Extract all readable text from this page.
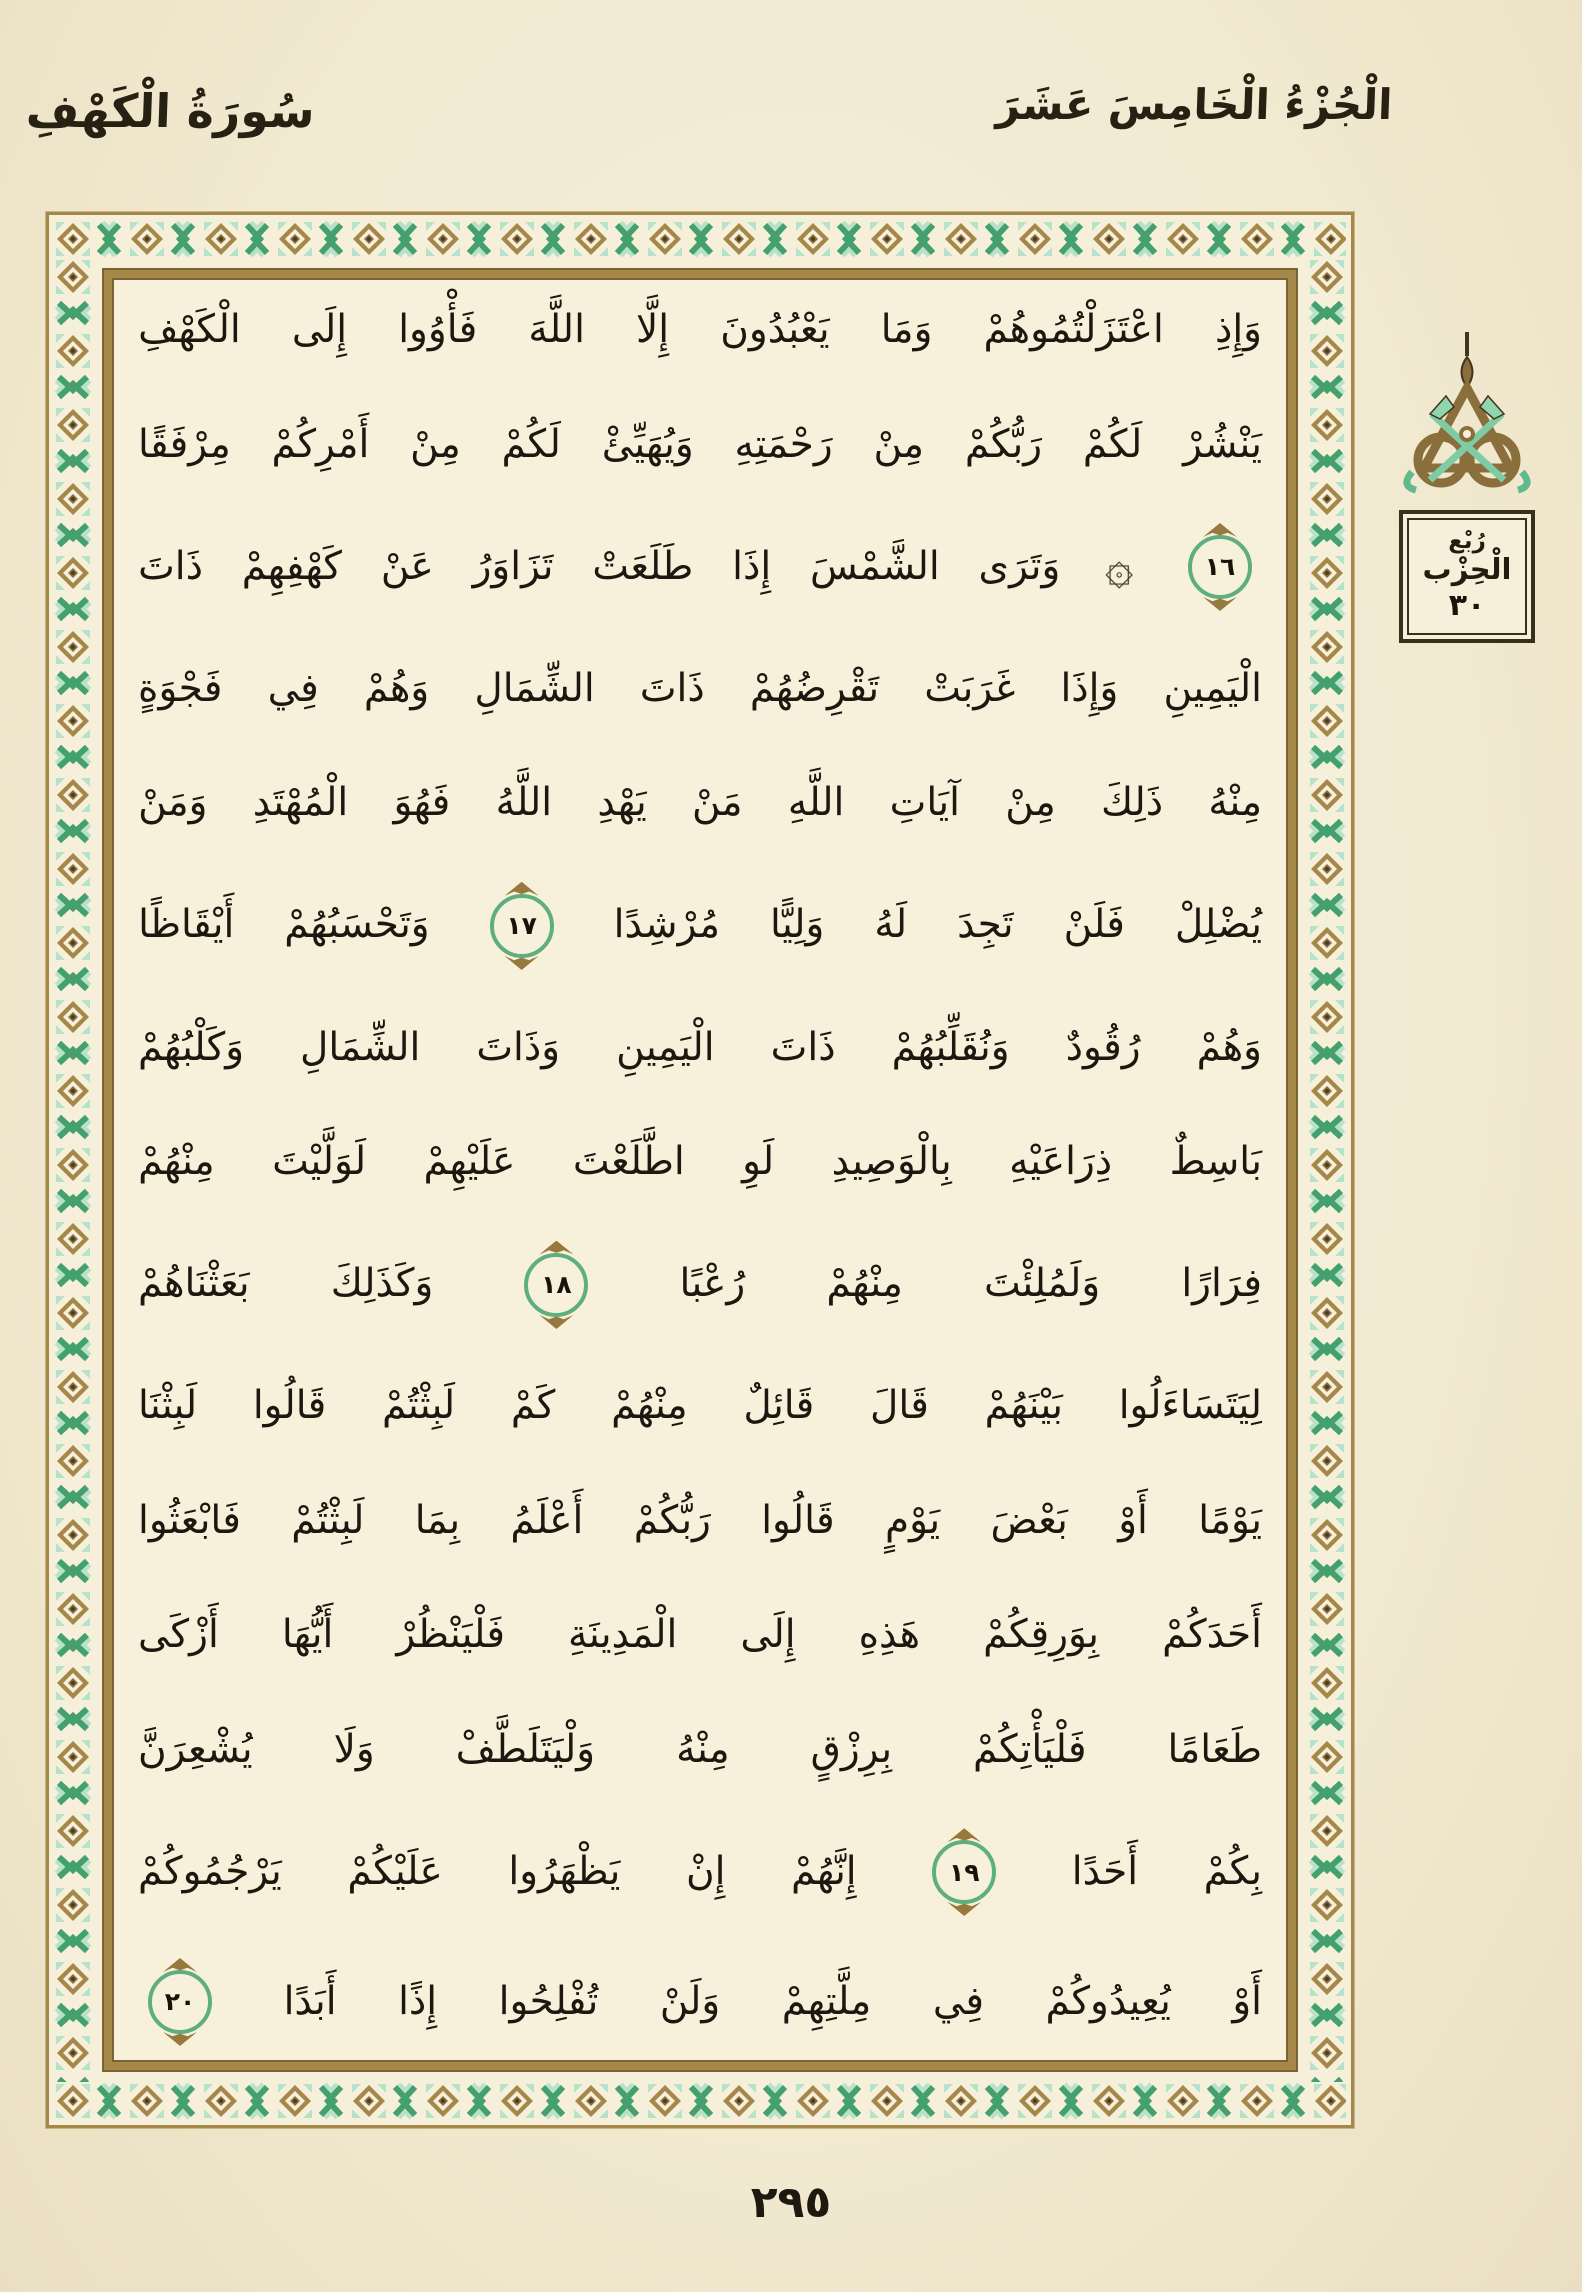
سُورَةُ الْكَهْفِ	الْجُزْءُ الْخَامِسَ عَشَرَ
وَإِذِ
اعْتَزَلْتُمُوهُمْ
وَمَا
يَعْبُدُونَ
إِلَّا
اللَّهَ
فَأْوُوا
إِلَى
الْكَهْفِ
يَنْشُرْ
لَكُمْ
رَبُّكُمْ
مِنْ
رَحْمَتِهِ
وَيُهَيِّئْ
لَكُمْ
مِنْ
أَمْرِكُمْ
مِرْفَقًا
١٦
۞
وَتَرَى
الشَّمْسَ
إِذَا
طَلَعَتْ
تَزَاوَرُ
عَنْ
كَهْفِهِمْ
ذَاتَ
الْيَمِينِ
وَإِذَا
غَرَبَتْ
تَقْرِضُهُمْ
ذَاتَ
الشِّمَالِ
وَهُمْ
فِي
فَجْوَةٍ
مِنْهُ
ذَلِكَ
مِنْ
آيَاتِ
اللَّهِ
مَنْ
يَهْدِ
اللَّهُ
فَهُوَ
الْمُهْتَدِ
وَمَنْ
يُضْلِلْ
فَلَنْ
تَجِدَ
لَهُ
وَلِيًّا
مُرْشِدًا
١٧
وَتَحْسَبُهُمْ
أَيْقَاظًا
وَهُمْ
رُقُودٌ
وَنُقَلِّبُهُمْ
ذَاتَ
الْيَمِينِ
وَذَاتَ
الشِّمَالِ
وَكَلْبُهُمْ
بَاسِطٌ
ذِرَاعَيْهِ
بِالْوَصِيدِ
لَوِ
اطَّلَعْتَ
عَلَيْهِمْ
لَوَلَّيْتَ
مِنْهُمْ
فِرَارًا
وَلَمُلِئْتَ
مِنْهُمْ
رُعْبًا
١٨
وَكَذَلِكَ
بَعَثْنَاهُمْ
لِيَتَسَاءَلُوا
بَيْنَهُمْ
قَالَ
قَائِلٌ
مِنْهُمْ
كَمْ
لَبِثْتُمْ
قَالُوا
لَبِثْنَا
يَوْمًا
أَوْ
بَعْضَ
يَوْمٍ
قَالُوا
رَبُّكُمْ
أَعْلَمُ
بِمَا
لَبِثْتُمْ
فَابْعَثُوا
أَحَدَكُمْ
بِوَرِقِكُمْ
هَذِهِ
إِلَى
الْمَدِينَةِ
فَلْيَنْظُرْ
أَيُّهَا
أَزْكَى
طَعَامًا
فَلْيَأْتِكُمْ
بِرِزْقٍ
مِنْهُ
وَلْيَتَلَطَّفْ
وَلَا
يُشْعِرَنَّ
بِكُمْ
أَحَدًا
١٩
إِنَّهُمْ
إِنْ
يَظْهَرُوا
عَلَيْكُمْ
يَرْجُمُوكُمْ
أَوْ
يُعِيدُوكُمْ
فِي
مِلَّتِهِمْ
وَلَنْ
تُفْلِحُوا
إِذًا
أَبَدًا
٢٠
رُبْع
الْحِزْب
٣٠
٢٩٥
